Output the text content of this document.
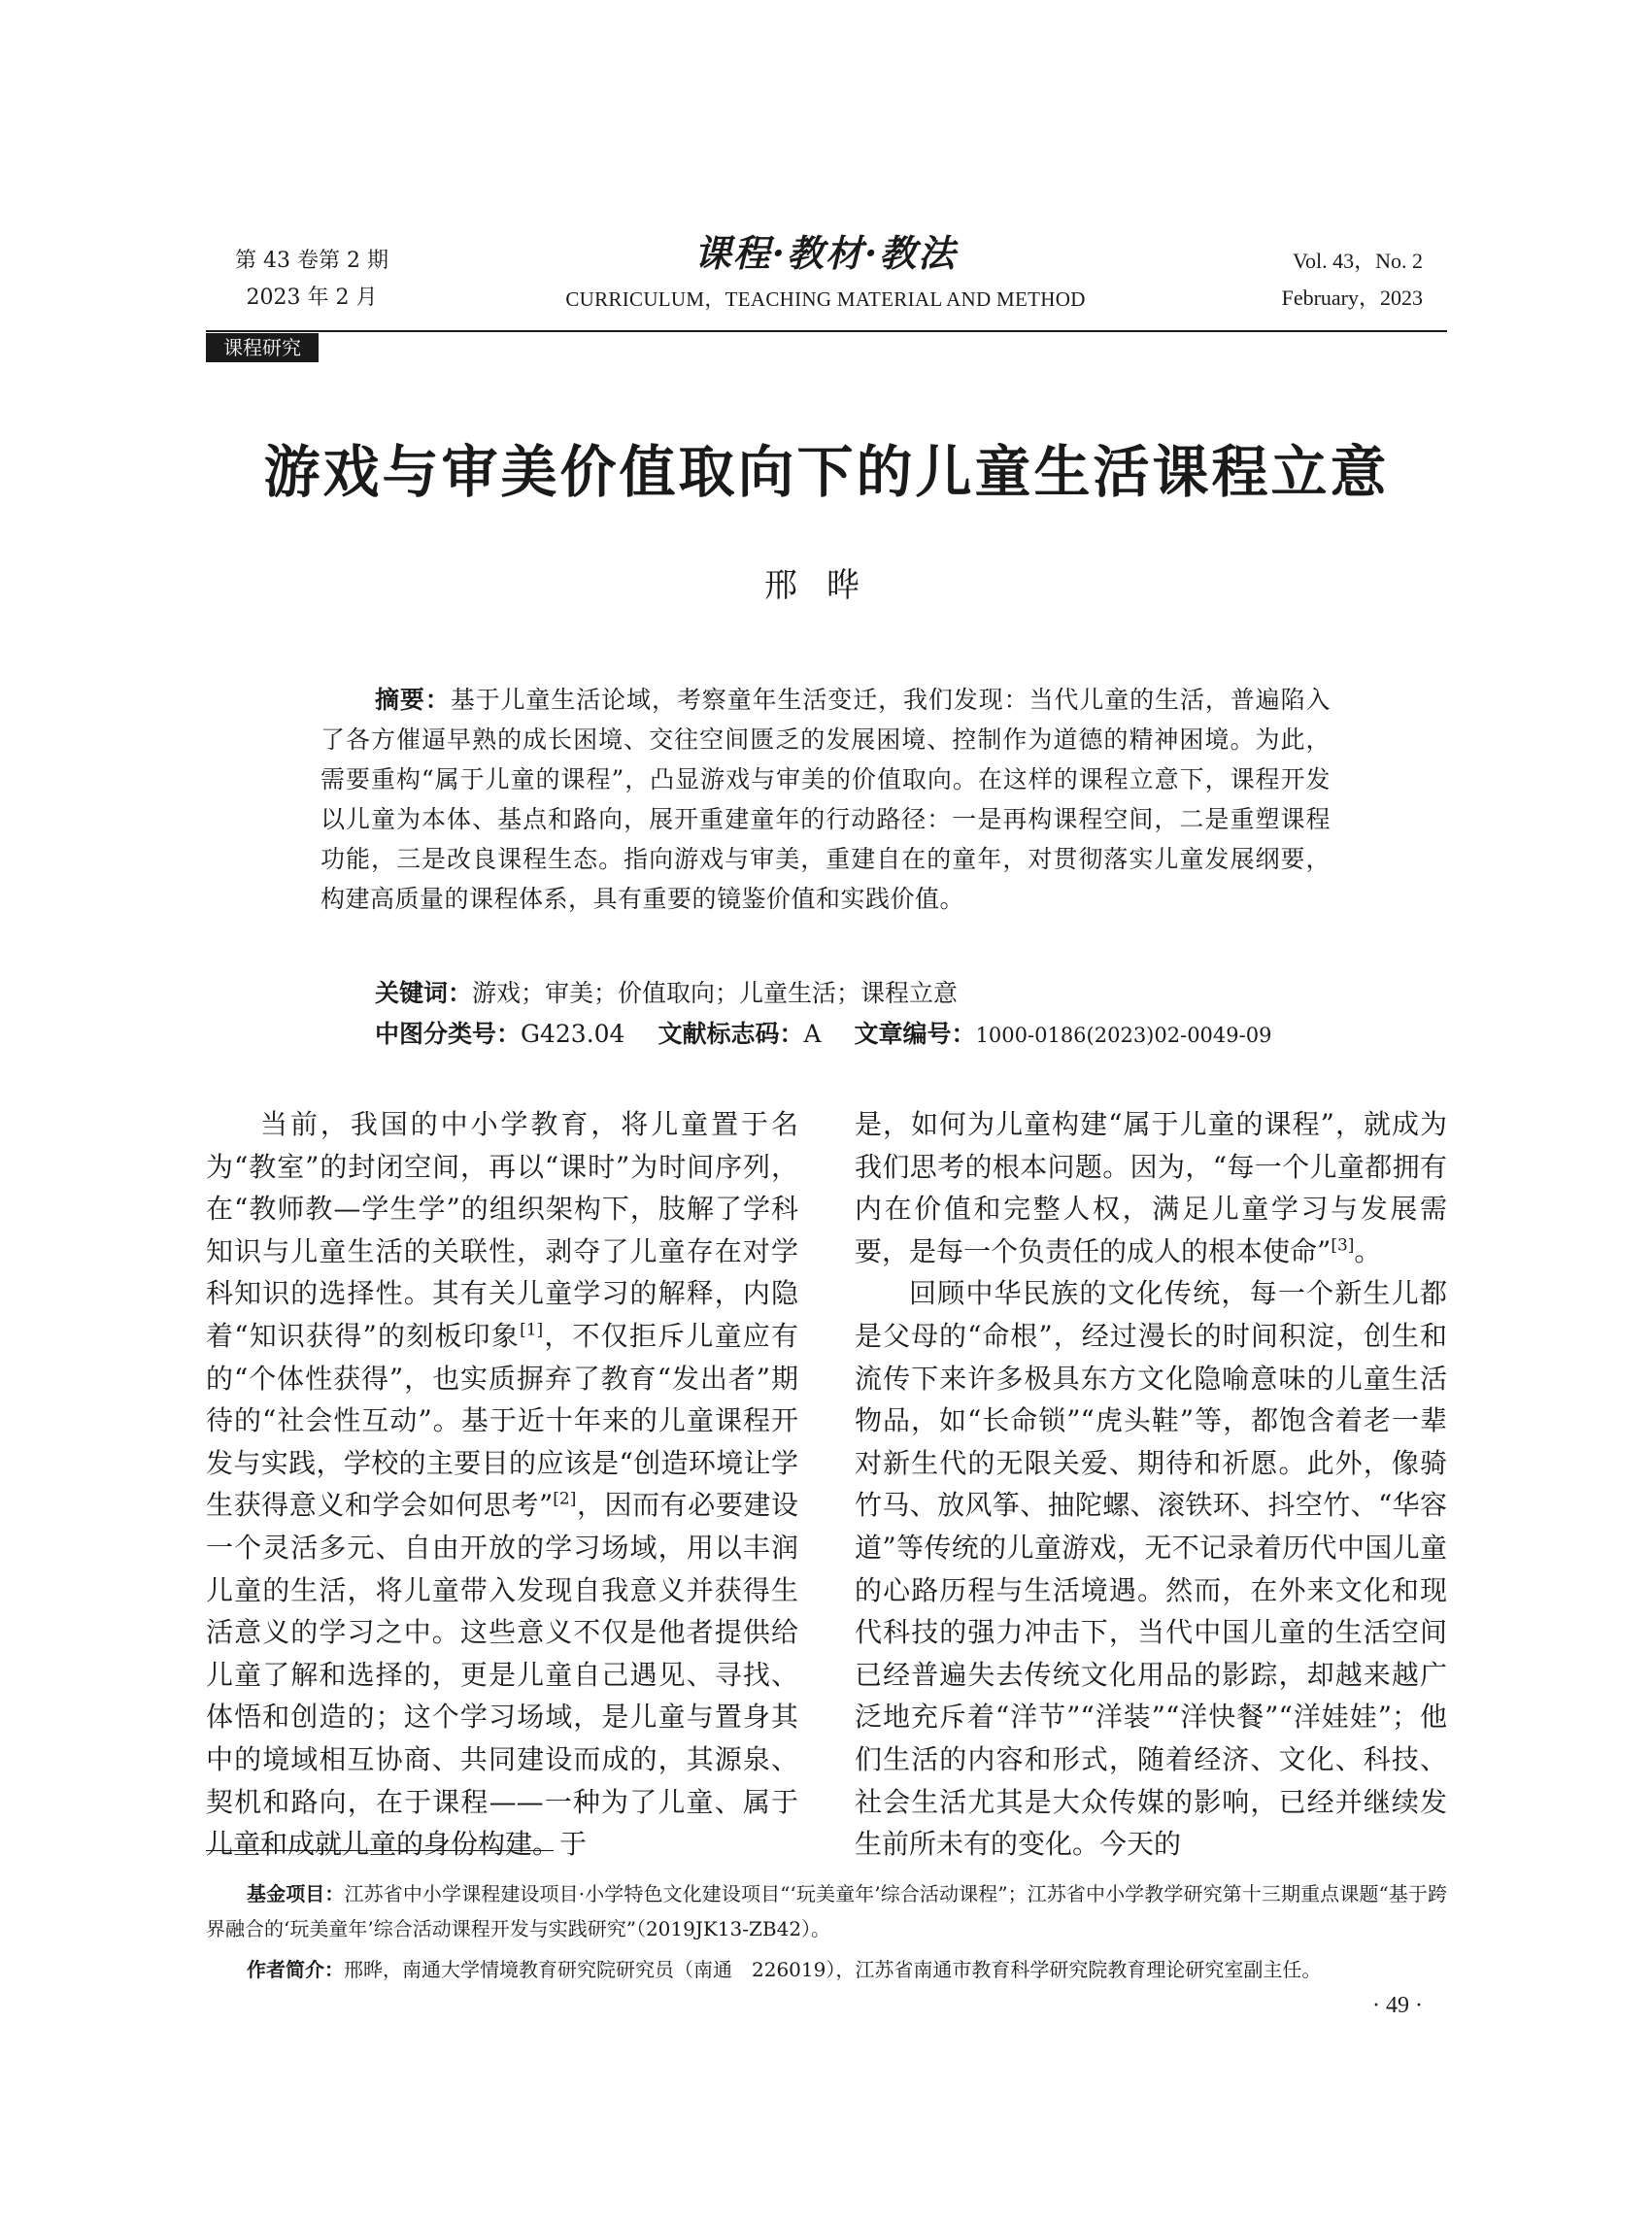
第 43 卷第 2 期
2023 年 2 月
课程·教材·教法
CURRICULUM，TEACHING MATERIAL AND METHOD
Vol. 43，No. 2
February，2023
课程研究
游戏与审美价值取向下的儿童生活课程立意
邢晔
摘要：基于儿童生活论域，考察童年生活变迁，我们发现：当代儿童的生活，普遍陷入了各方催逼早熟的成长困境、交往空间匮乏的发展困境、控制作为道德的精神困境。为此，需要重构“属于儿童的课程”，凸显游戏与审美的价值取向。在这样的课程立意下，课程开发以儿童为本体、基点和路向，展开重建童年的行动路径：一是再构课程空间，二是重塑课程功能，三是改良课程生态。指向游戏与审美，重建自在的童年，对贯彻落实儿童发展纲要，构建高质量的课程体系，具有重要的镜鉴价值和实践价值。
关键词：游戏；审美；价值取向；儿童生活；课程立意
中图分类号：G423.04 文献标志码：A 文章编号：1000-0186(2023)02-0049-09

当前，我国的中小学教育，将儿童置于名为“教室”的封闭空间，再以“课时”为时间序列，在“教师教—学生学”的组织架构下，肢解了学科知识与儿童生活的关联性，剥夺了儿童存在对学科知识的选择性。其有关儿童学习的解释，内隐着“知识获得”的刻板印象[1]，不仅拒斥儿童应有的“个体性获得”，也实质摒弃了教育“发出者”期待的“社会性互动”。基于近十年来的儿童课程开发与实践，学校的主要目的应该是“创造环境让学生获得意义和学会如何思考”[2]，因而有必要建设一个灵活多元、自由开放的学习场域，用以丰润儿童的生活，将儿童带入发现自我意义并获得生活意义的学习之中。这些意义不仅是他者提供给儿童了解和选择的，更是儿童自己遇见、寻找、体悟和创造的；这个学习场域，是儿童与置身其中的境域相互协商、共同建设而成的，其源泉、契机和路向，在于课程——一种为了儿童、属于儿童和成就儿童的身份构建。于

是，如何为儿童构建“属于儿童的课程”，就成为我们思考的根本问题。因为，“每一个儿童都拥有内在价值和完整人权，满足儿童学习与发展需要，是每一个负责任的成人的根本使命”[3]。

回顾中华民族的文化传统，每一个新生儿都是父母的“命根”，经过漫长的时间积淀，创生和流传下来许多极具东方文化隐喻意味的儿童生活物品，如“长命锁”“虎头鞋”等，都饱含着老一辈对新生代的无限关爱、期待和祈愿。此外，像骑竹马、放风筝、抽陀螺、滚铁环、抖空竹、“华容道”等传统的儿童游戏，无不记录着历代中国儿童的心路历程与生活境遇。然而，在外来文化和现代科技的强力冲击下，当代中国儿童的生活空间已经普遍失去传统文化用品的影踪，却越来越广泛地充斥着“洋节”“洋装”“洋快餐”“洋娃娃”；他们生活的内容和形式，随着经济、文化、科技、社会生活尤其是大众传媒的影响，已经并继续发生前所未有的变化。今天的

基金项目：江苏省中小学课程建设项目·小学特色文化建设项目“‘玩美童年’综合活动课程”；江苏省中小学教学研究第十三期重点课题“基于跨界融合的‘玩美童年’综合活动课程开发与实践研究”（2019JK13-ZB42）。

作者简介：邢晔，南通大学情境教育研究院研究员（南通　226019），江苏省南通市教育科学研究院教育理论研究室副主任。

· 49 ·
